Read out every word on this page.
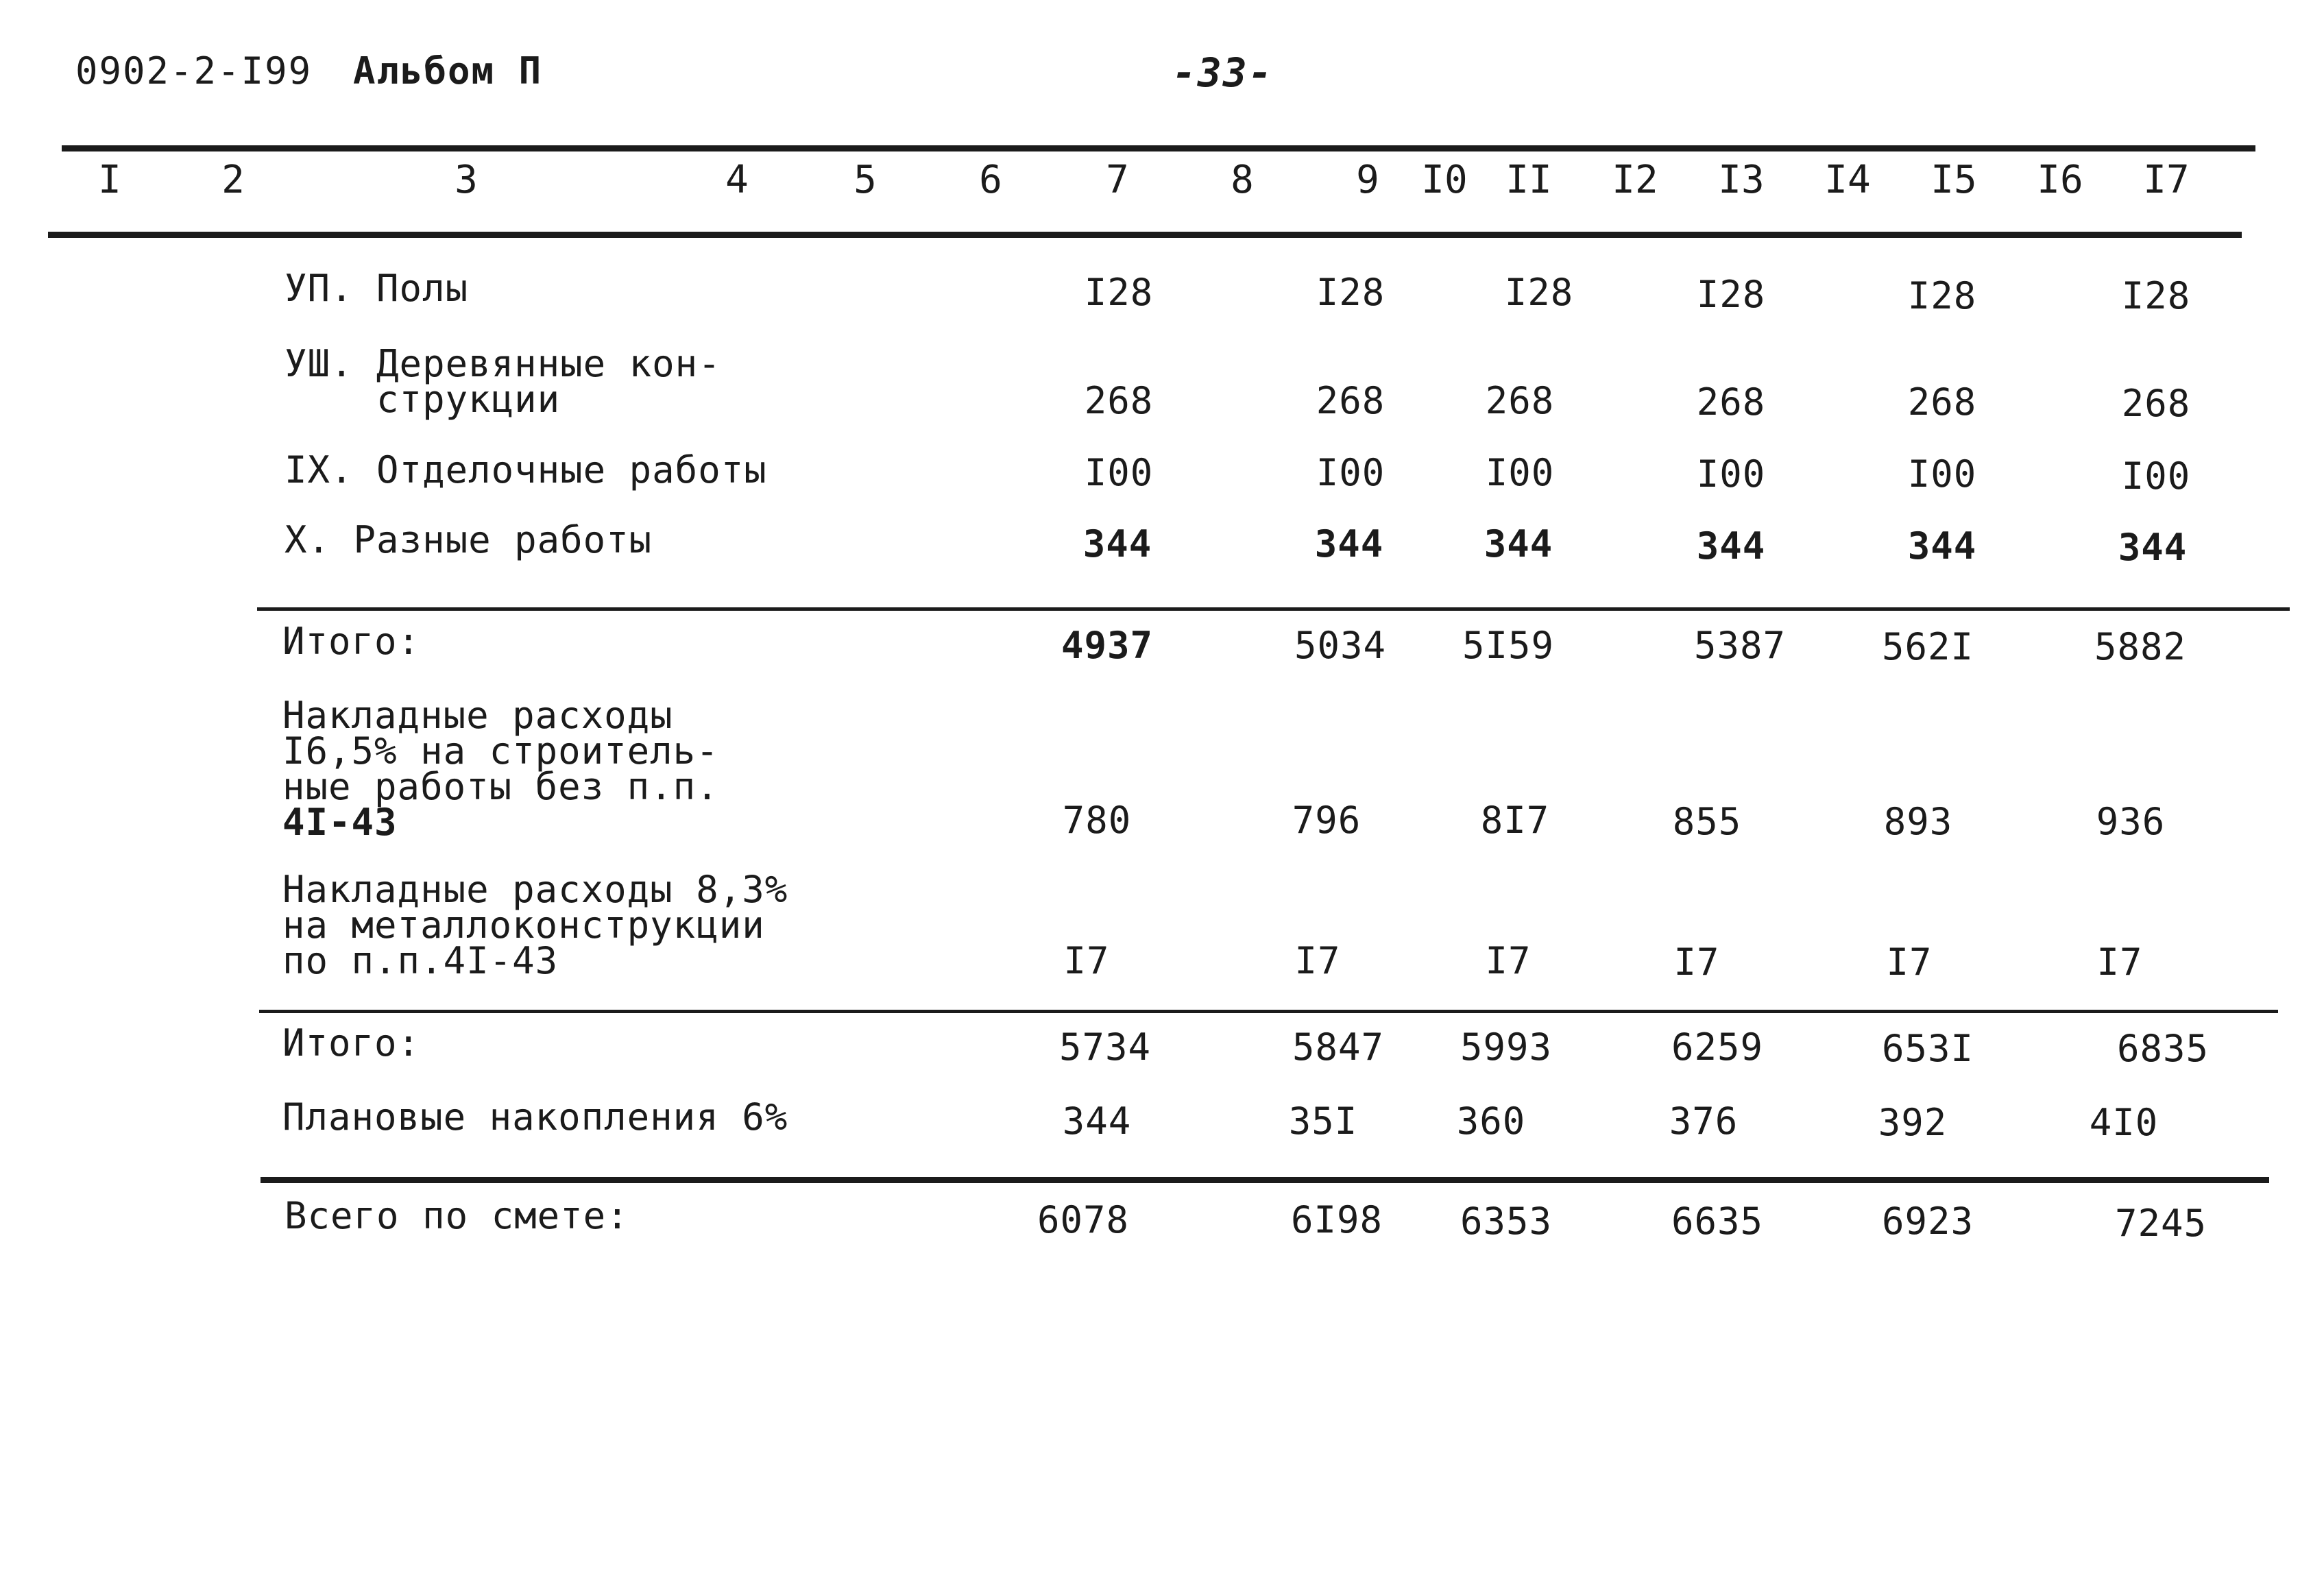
0902-2-I99 Альбом П	-33-
I	2	3	4	5	6	7	8	9 I0 II I2 I3 I4 I5 I6 I7
УП. Полы	I28	I28	I28	I28	I28	I28
УШ. Деревянные кон-
струкции	268	268	268	268	268	268
IX. Отделочные работы	I00	I00	I00	I00	I00	I00
X. Разные работы	344	344	344	344	344	344
Итого:	4937	5034 5I59	5387	562I	5882
Накладные расходы
I6,5% на строитель-
ные работы без п.п.
4I-43	780	796	8I7	855	893	936
Накладные расходы 8,3%
на металлоконструкции
по п.п.4I-43	I7	I7	I7	I7	I7	I7
Итого:	5734	5847 5993	6259	653I	6835
Плановые накопления 6%	344	35I	360	376	392	4I0
Всего по смете:	6078	6I98 6353	6635	6923	7245
